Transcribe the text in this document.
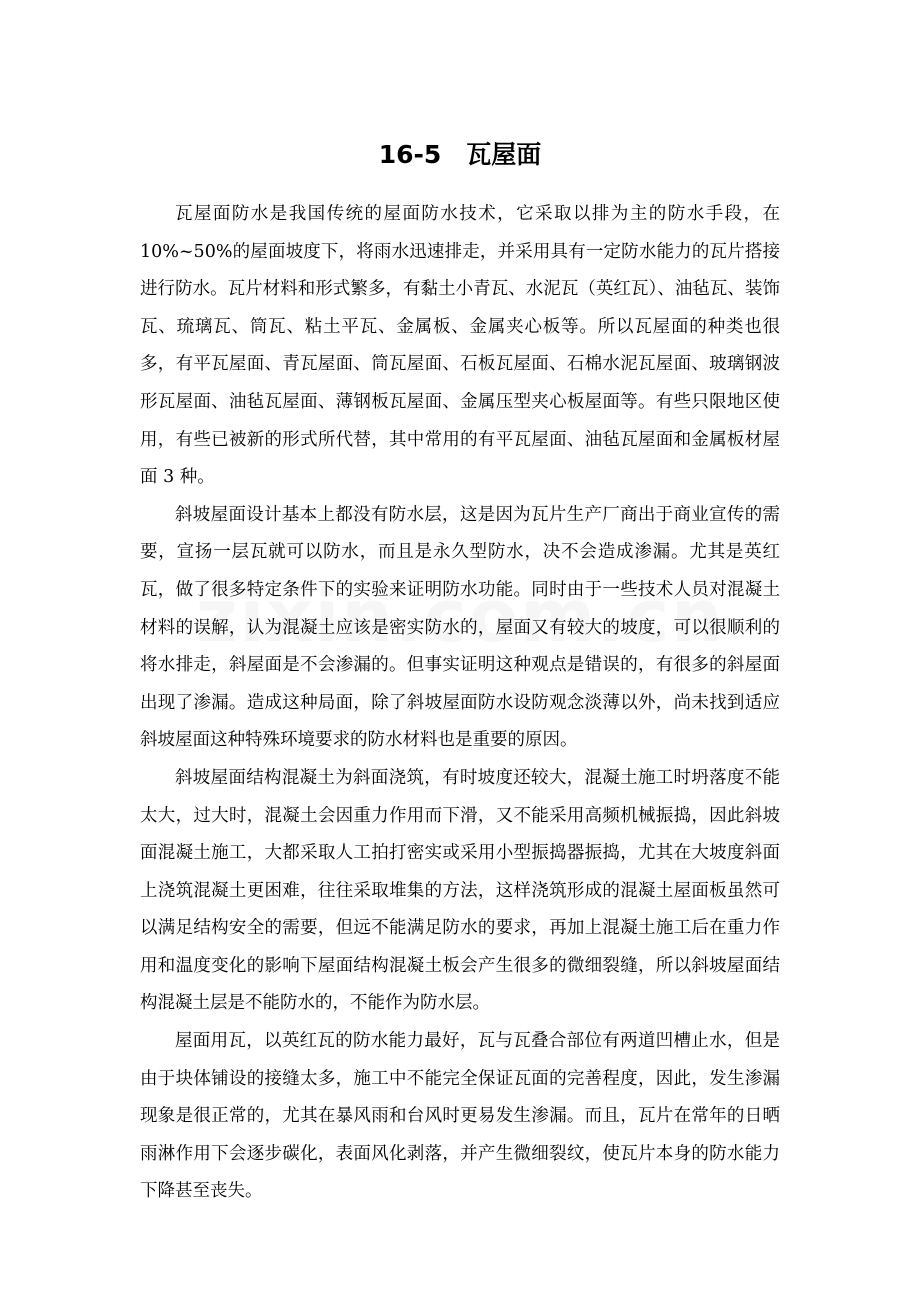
16-5　瓦屋面

瓦屋面防水是我国传统的屋面防水技术，它采取以排为主的防水手段，在10%~50%的屋面坡度下，将雨水迅速排走，并采用具有一定防水能力的瓦片搭接进行防水。瓦片材料和形式繁多，有黏土小青瓦、水泥瓦（英红瓦）、油毡瓦、装饰瓦、琉璃瓦、筒瓦、粘土平瓦、金属板、金属夹心板等。所以瓦屋面的种类也很多，有平瓦屋面、青瓦屋面、筒瓦屋面、石板瓦屋面、石棉水泥瓦屋面、玻璃钢波形瓦屋面、油毡瓦屋面、薄钢板瓦屋面、金属压型夹心板屋面等。有些只限地区使用，有些已被新的形式所代替，其中常用的有平瓦屋面、油毡瓦屋面和金属板材屋面 3 种。

斜坡屋面设计基本上都没有防水层，这是因为瓦片生产厂商出于商业宣传的需要，宣扬一层瓦就可以防水，而且是永久型防水，决不会造成渗漏。尤其是英红瓦，做了很多特定条件下的实验来证明防水功能。同时由于一些技术人员对混凝土材料的误解，认为混凝土应该是密实防水的，屋面又有较大的坡度，可以很顺利的将水排走，斜屋面是不会渗漏的。但事实证明这种观点是错误的，有很多的斜屋面出现了渗漏。造成这种局面，除了斜坡屋面防水设防观念淡薄以外，尚未找到适应斜坡屋面这种特殊环境要求的防水材料也是重要的原因。

斜坡屋面结构混凝土为斜面浇筑，有时坡度还较大，混凝土施工时坍落度不能太大，过大时，混凝土会因重力作用而下滑，又不能采用高频机械振捣，因此斜坡面混凝土施工，大都采取人工拍打密实或采用小型振捣器振捣，尤其在大坡度斜面上浇筑混凝土更困难，往往采取堆集的方法，这样浇筑形成的混凝土屋面板虽然可以满足结构安全的需要，但远不能满足防水的要求，再加上混凝土施工后在重力作用和温度变化的影响下屋面结构混凝土板会产生很多的微细裂缝，所以斜坡屋面结构混凝土层是不能防水的，不能作为防水层。

屋面用瓦，以英红瓦的防水能力最好，瓦与瓦叠合部位有两道凹槽止水，但是由于块体铺设的接缝太多，施工中不能完全保证瓦面的完善程度，因此，发生渗漏现象是很正常的，尤其在暴风雨和台风时更易发生渗漏。而且，瓦片在常年的日晒雨淋作用下会逐步碳化，表面风化剥落，并产生微细裂纹，使瓦片本身的防水能力下降甚至丧失。
